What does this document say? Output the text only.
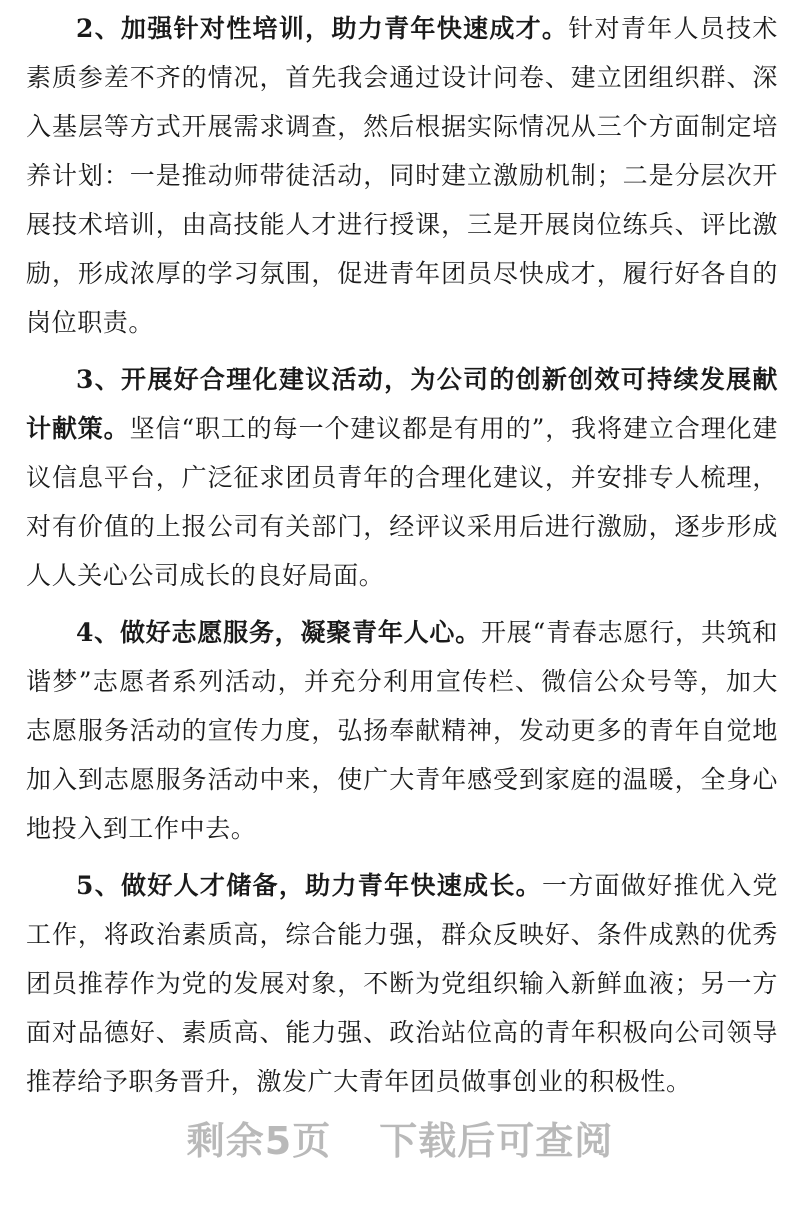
2、加强针对性培训，助力青年快速成才。针对青年人员技术素质参差不齐的情况，首先我会通过设计问卷、建立团组织群、深入基层等方式开展需求调查，然后根据实际情况从三个方面制定培养计划：一是推动师带徒活动，同时建立激励机制；二是分层次开展技术培训，由高技能人才进行授课，三是开展岗位练兵、评比激励，形成浓厚的学习氛围，促进青年团员尽快成才，履行好各自的岗位职责。

3、开展好合理化建议活动，为公司的创新创效可持续发展献计献策。坚信“职工的每一个建议都是有用的”，我将建立合理化建议信息平台，广泛征求团员青年的合理化建议，并安排专人梳理，对有价值的上报公司有关部门，经评议采用后进行激励，逐步形成人人关心公司成长的良好局面。

4、做好志愿服务，凝聚青年人心。开展“青春志愿行，共筑和谐梦”志愿者系列活动，并充分利用宣传栏、微信公众号等，加大志愿服务活动的宣传力度，弘扬奉献精神，发动更多的青年自觉地加入到志愿服务活动中来，使广大青年感受到家庭的温暖，全身心地投入到工作中去。

5、做好人才储备，助力青年快速成长。一方面做好推优入党工作，将政治素质高，综合能力强，群众反映好、条件成熟的优秀团员推荐作为党的发展对象，不断为党组织输入新鲜血液；另一方面对品德好、素质高、能力强、政治站位高的青年积极向公司领导推荐给予职务晋升，激发广大青年团员做事创业的积极性。

剩余5页 下载后可查阅
